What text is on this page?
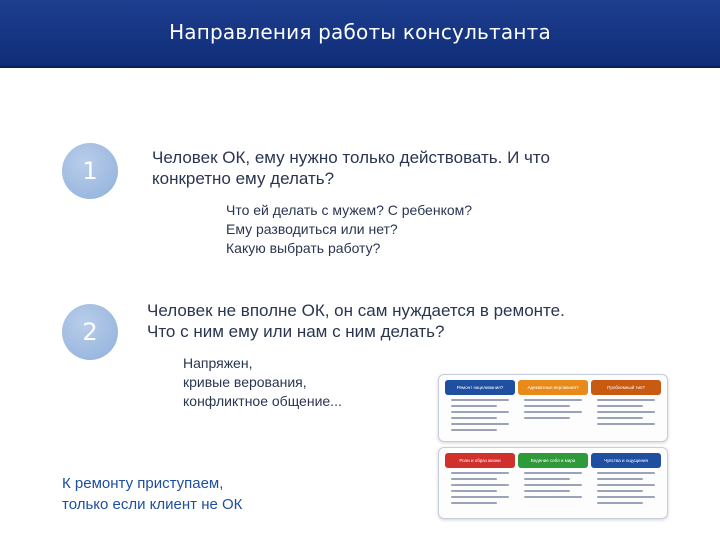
Направления работы консультанта
1	Человек ОК, ему нужно только действовать. И что
конкретно ему делать?
Что ей делать с мужем? С ребенком?
Ему разводиться или нет?
Какую выбрать работу?
2
Человек не вполне ОК, он сам нуждается в ремонте.
Что с ним ему или нам с ним делать?
Напряжен,
кривые верования,
конфликтное общение...
К ремонту приступаем,
только если клиент не ОК
Ремонт нацеливания?	Адекватные верования?	Проблемный тип?
Роли и образ жизни	Ведение себя и мира	Чувства и ощущения
